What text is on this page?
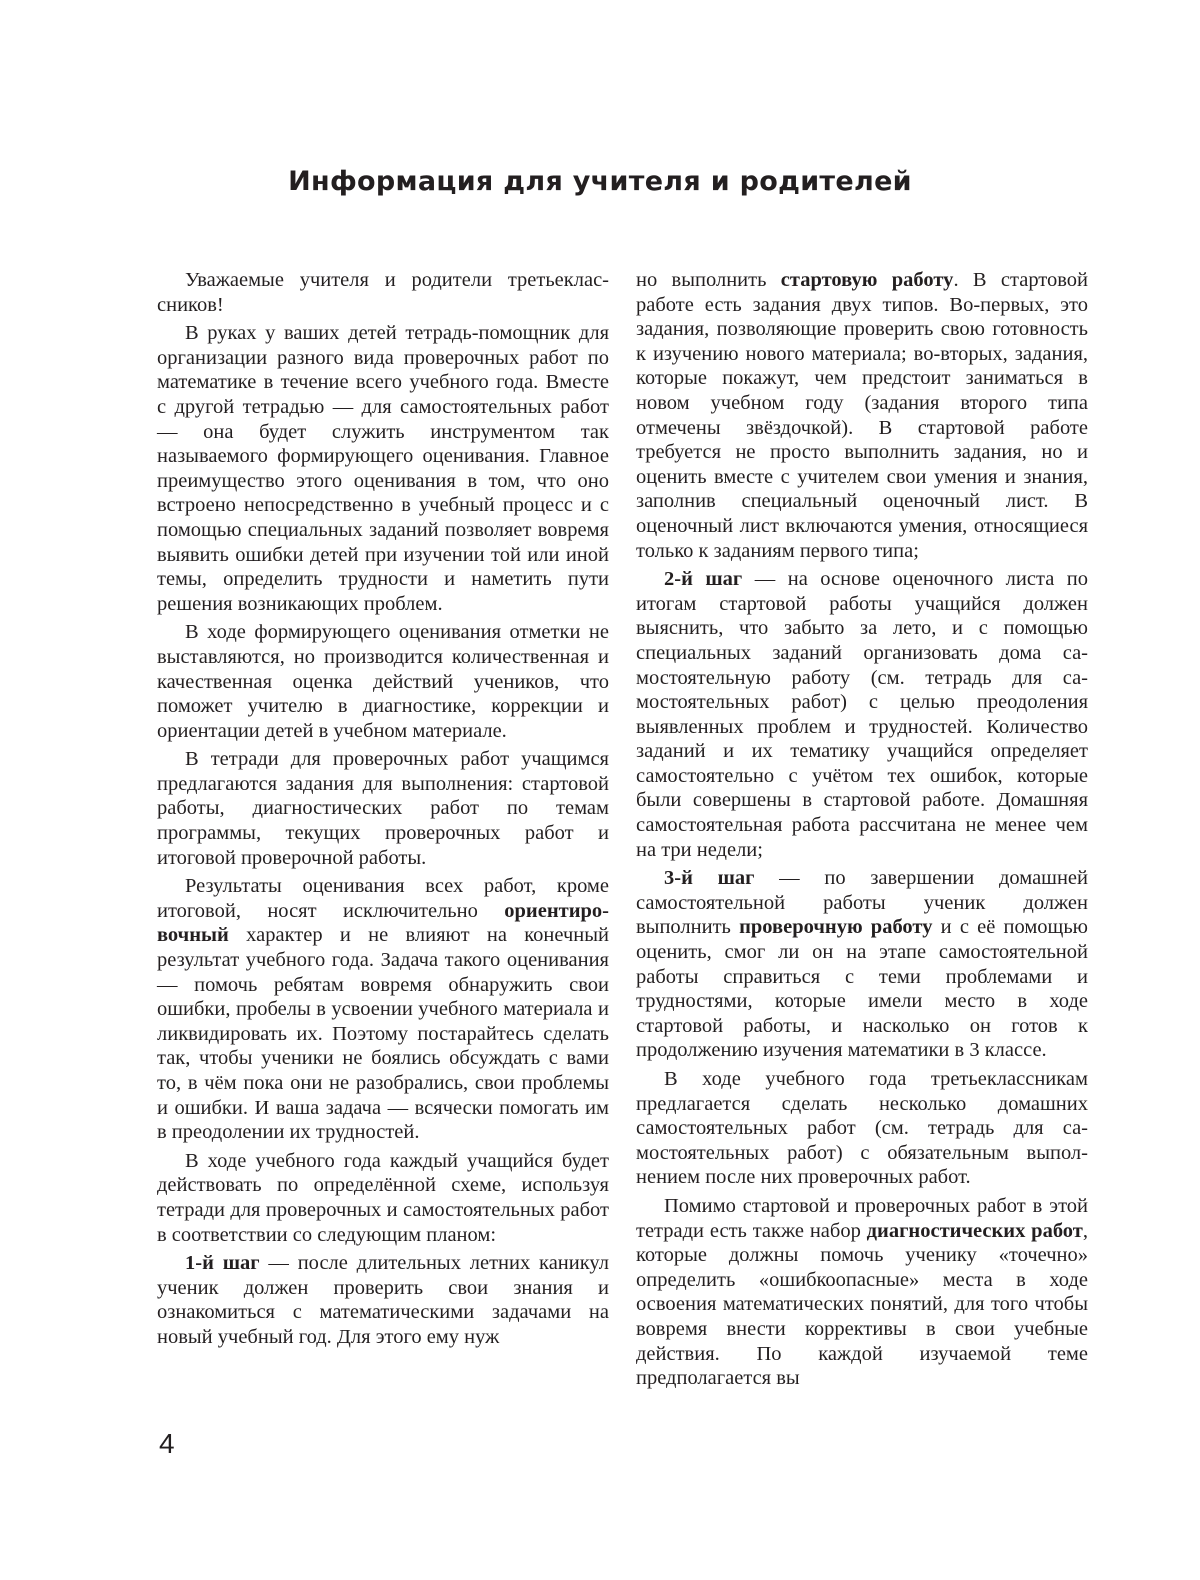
Информация для учителя и родителей

Уважаемые учителя и родители третьеклассников!

В руках у ваших детей тетрадь-помощник для организации разного вида проверочных работ по математике в течение всего учебного года. Вместе с другой тетрадью — для самостоятельных работ — она будет служить инструментом так называемого формирующего оценивания. Главное преимущество этого оценивания в том, что оно встроено непосредственно в учебный процесс и с помощью специальных заданий позволяет вовремя выявить ошибки детей при изучении той или иной темы, определить трудности и наметить пути решения возникающих проблем.

В ходе формирующего оценивания отметки не выставляются, но производится количественная и качественная оценка действий учеников, что поможет учителю в диагностике, коррекции и ориентации детей в учебном материале.

В тетради для проверочных работ учащимся предлагаются задания для выполнения: стартовой работы, диагностических работ по темам программы, текущих проверочных работ и итоговой проверочной работы.

Результаты оценивания всех работ, кроме итоговой, носят исключительно ориентировочный характер и не влияют на конечный результат учебного года. Задача такого оценивания — помочь ребятам вовремя обнаружить свои ошибки, пробелы в усвоении учебного материала и ликвидировать их. Поэтому постарайтесь сделать так, чтобы ученики не боялись обсуждать с вами то, в чём пока они не разобрались, свои проблемы и ошибки. И ваша задача — всячески помогать им в преодолении их трудностей.

В ходе учебного года каждый учащийся будет действовать по определённой схеме, используя тетради для проверочных и самостоятельных работ в соответствии со следующим планом:

1-й шаг — после длительных летних каникул ученик должен проверить свои знания и ознакомиться с математическими задачами на новый учебный год. Для этого ему нуж

но выполнить стартовую работу. В стартовой работе есть задания двух типов. Во-первых, это задания, позволяющие проверить свою готовность к изучению нового материала; во-вторых, задания, которые покажут, чем предстоит заниматься в новом учебном году (задания второго типа отмечены звёздочкой). В стартовой работе требуется не просто выполнить задания, но и оценить вместе с учителем свои умения и знания, заполнив специальный оценочный лист. В оценочный лист включаются умения, относящиеся только к заданиям первого типа;

2-й шаг — на основе оценочного листа по итогам стартовой работы учащийся должен выяснить, что забыто за лето, и с помощью специальных заданий организовать дома самостоятельную работу (см. тетрадь для самостоятельных работ) с целью преодоления выявленных проблем и трудностей. Количество заданий и их тематику учащийся определяет самостоятельно с учётом тех ошибок, которые были совершены в стартовой работе. Домашняя самостоятельная работа рассчитана не менее чем на три недели;

3-й шаг — по завершении домашней самостоятельной работы ученик должен выполнить проверочную работу и с её помощью оценить, смог ли он на этапе самостоятельной работы справиться с теми проблемами и трудностями, которые имели место в ходе стартовой работы, и насколько он готов к продолжению изучения математики в 3 классе.

В ходе учебного года третьеклассникам предлагается сделать несколько домашних самостоятельных работ (см. тетрадь для самостоятельных работ) с обязательным выполнением после них проверочных работ.

Помимо стартовой и проверочных работ в этой тетради есть также набор диагностических работ, которые должны помочь ученику «точечно» определить «ошибкоопасные» места в ходе освоения математических понятий, для того чтобы вовремя внести коррективы в свои учебные действия. По каждой изучаемой теме предполагается вы

4
